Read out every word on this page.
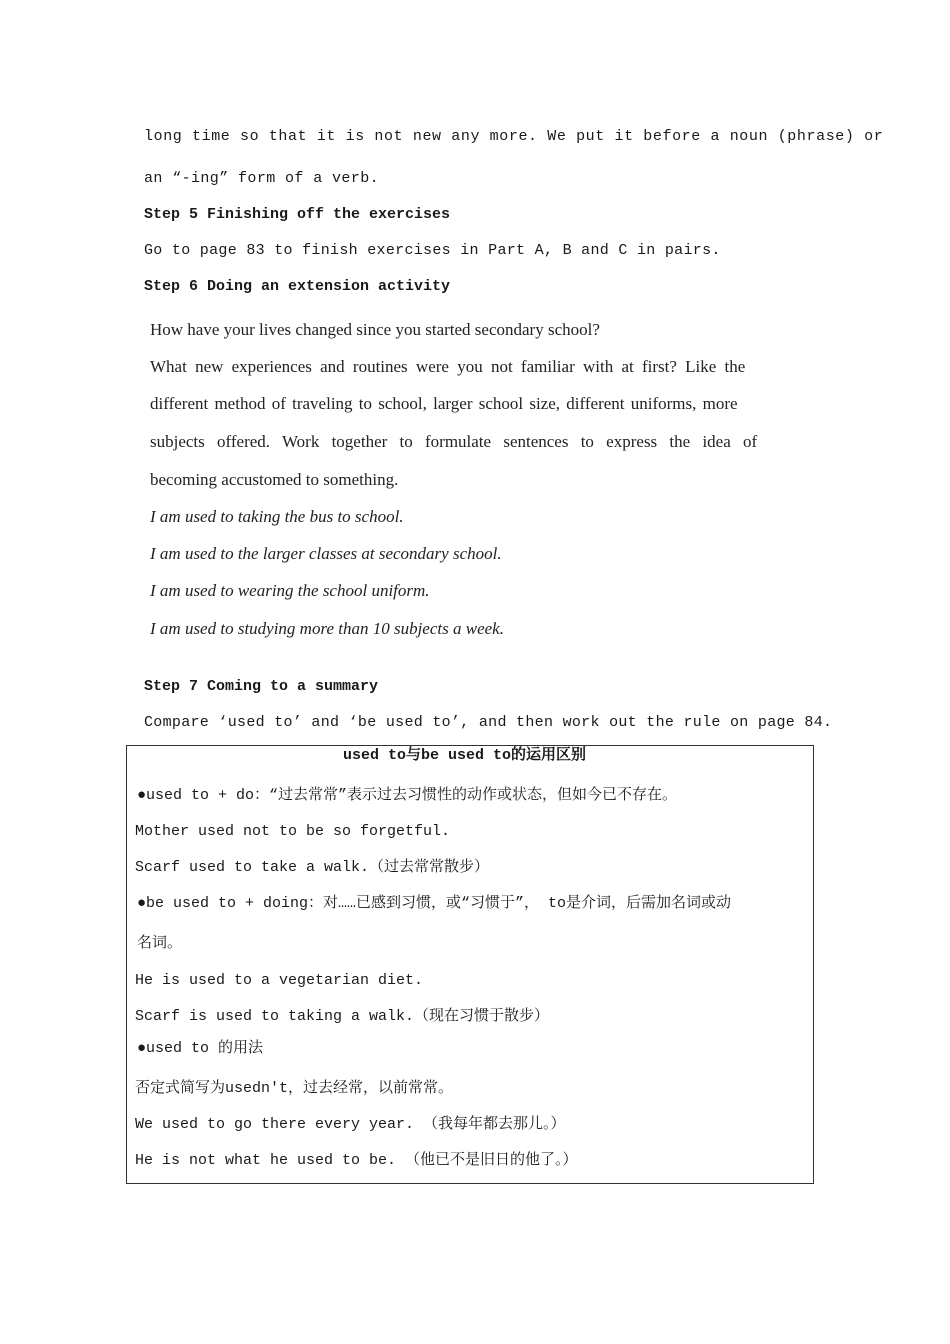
long time so that it is not new any more. We put it before a noun (phrase) or
an “-ing” form of a verb.
Step 5 Finishing off the exercises
Go to page 83 to finish exercises in Part A, B and C in pairs.
Step 6 Doing an extension activity
How have your lives changed since you started secondary school?
What new experiences and routines were you not familiar with at first? Like the
different method of traveling to school, larger school size, different uniforms, more
subjects offered. Work together to formulate sentences to express the idea of
becoming accustomed to something.
I am used to taking the bus to school.
I am used to the larger classes at secondary school.
I am used to wearing the school uniform.
I am used to studying more than 10 subjects a week.
Step 7 Coming to a summary
Compare ‘used to’ and ‘be used to’, and then work out the rule on page 84.
used to与be used to的运用区别
●used to + do：“过去常常”表示过去习惯性的动作或状态，但如今已不存在。
Mother used not to be so forgetful.
Scarf used to take a walk.（过去常常散步）
●be used to + doing：对……已感到习惯，或“习惯于”， to是介词，后需加名词或动
名词。
He is used to a vegetarian diet.
Scarf is used to taking a walk.（现在习惯于散步）
●used to 的用法
否定式简写为usedn't，过去经常，以前常常。
We used to go there every year. （我每年都去那儿。）
He is not what he used to be. （他已不是旧日的他了。）
